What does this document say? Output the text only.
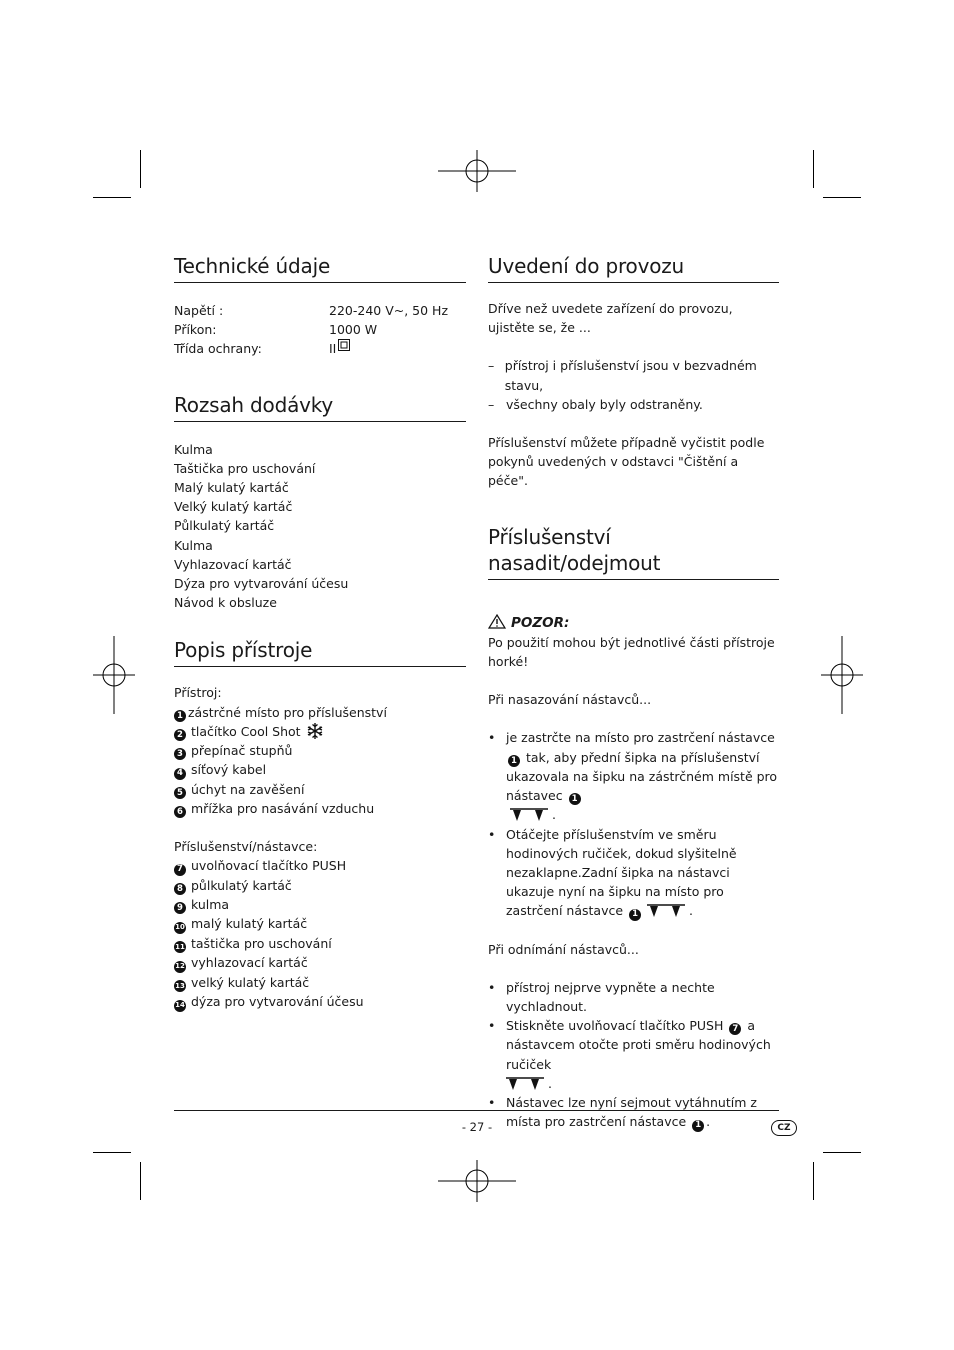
Technické údaje
Napětí :	220-240 V~, 50 Hz
Příkon:	1000 W
Třída ochrany:	II
Rozsah dodávky
Kulma
Taštička pro uschování
Malý kulatý kartáč
Velký kulatý kartáč
Půlkulatý kartáč
Kulma
Vyhlazovací kartáč
Dýza pro vytvarování účesu
Návod k obsluze
Popis přístroje
Přístroj:
1 zástrčné místo pro příslušenství
2 tlačítko Cool Shot
3 přepínač stupňů
4 síťový kabel
5 úchyt na zavěšení
6 mřížka pro nasávání vzduchu
Příslušenství/nástavce:
7 uvolňovací tlačítko PUSH
8 půlkulatý kartáč
9 kulma
10 malý kulatý kartáč
11 taštička pro uschování
12 vyhlazovací kartáč
13 velký kulatý kartáč
14 dýza pro vytvarování účesu
Uvedení do provozu

Dříve než uvedete zařízení do provozu, ujistěte se, že ...

– přístroj i příslušenství jsou v bezvadném stavu,
– všechny obaly byly odstraněny.

Příslušenství můžete případně vyčistit podle pokynů uvedených v odstavci "Čištění a péče".

Příslušenství nasadit/odejmout
POZOR:

Po použití mohou být jednotlivé části přístroje horké!

Při nasazování nástavců...
• je zastrčte na místo pro zastrčení nástavce 1 tak, aby přední šipka na příslušenství ukazovala na šipku na zástrčném místě pro nástavec 1
.
• Otáčejte příslušenstvím ve směru hodinových ručiček, dokud slyšitelně nezaklapne.Zadní šipka na nástavci ukazuje nyní na šipku na místo pro zastrčení nástavce 1	.
Při odnímání nástavců...
• přístroj nejprve vypněte a nechte vychladnout.
• Stiskněte uvolňovací tlačítko PUSH 7 a nástavcem otočte proti směru hodinových ručiček
.
• Nástavec lze nyní sejmout vytáhnutím z místa pro zastrčení nástavce 1 .
- 27 -	CZ
